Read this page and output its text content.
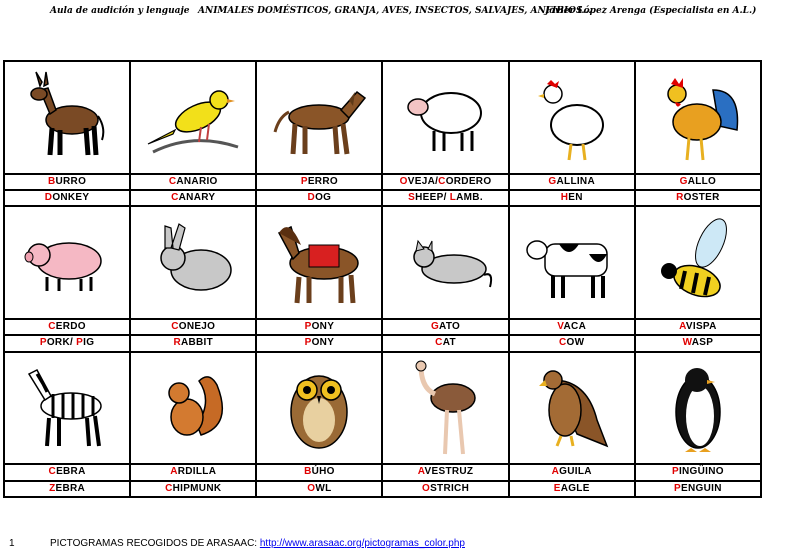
Aula de audición y lenguaje ANIMALES DOMÉSTICOS, GRANJA, AVES, INSECTOS, SALVAJES, ANFIBIOS…
Javier López Arenga (Especialista en A.L.)

BURRO	CANARIO	PERRO	OVEJA/CORDERO	GALLINA	GALLO
DONKEY	CANARY	DOG	SHEEP/ LAMB.	HEN	ROSTER

CERDO	CONEJO	PONY	GATO	VACA	AVISPA
PORK/ PIG	RABBIT	PONY	CAT	COW	WASP

CEBRA	ARDILLA	BÚHO	AVESTRUZ	AGUILA	PINGÜINO
ZEBRA	CHIPMUNK	OWL	OSTRICH	EAGLE	PENGUIN
1	PICTOGRAMAS RECOGIDOS DE ARASAAC: http://www.arasaac.org/pictogramas_color.php
